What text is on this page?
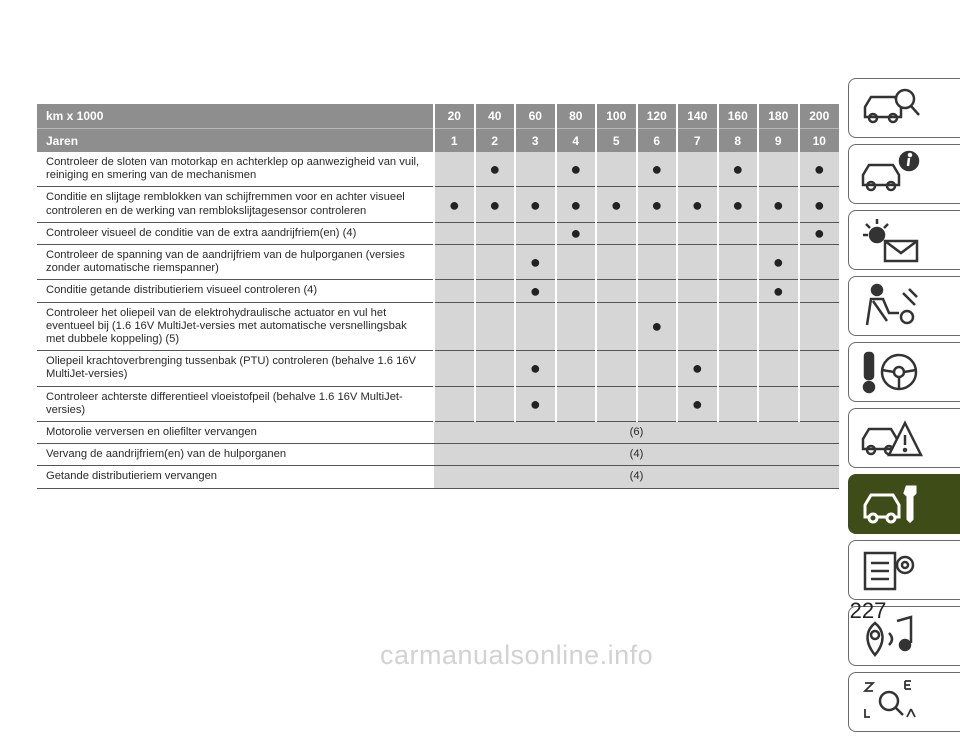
km x 1000	20	40	60	80	100	120	140	160	180	200
Jaren	1	2	3	4	5	6	7	8	9	10
Controleer de sloten van motorkap en achterklep op aanwezigheid van vuil, reiniging en smering van de mechanismen		●		●		●		●		●
Conditie en slijtage remblokken van schijfremmen voor en achter visueel controleren en de werking van remblokslijtagesensor controleren	●	●	●	●	●	●	●	●	●	●
Controleer visueel de conditie van de extra aandrijfriem(en) (4)				●						●
Controleer de spanning van de aandrijfriem van de hulporganen (versies zonder automatische riemspanner)			●						●	
Conditie getande distributieriem visueel controleren (4)			●						●	
Controleer het oliepeil van de elektrohydraulische actuator en vul het eventueel bij (1.6 16V MultiJet-versies met automatische versnellingsbak met dubbele koppeling) (5)						●				
Oliepeil krachtoverbrenging tussenbak (PTU) controleren (behalve 1.6 16V MultiJet-versies)			●				●			
Controleer achterste differentieel vloeistofpeil (behalve 1.6 16V MultiJet-versies)			●				●			
Motorolie verversen en oliefilter vervangen	(6)									
Vervang de aandrijfriem(en) van de hulporganen	(4)									
Getande distributieriem vervangen	(4)									
227
carmanualsonline.info
